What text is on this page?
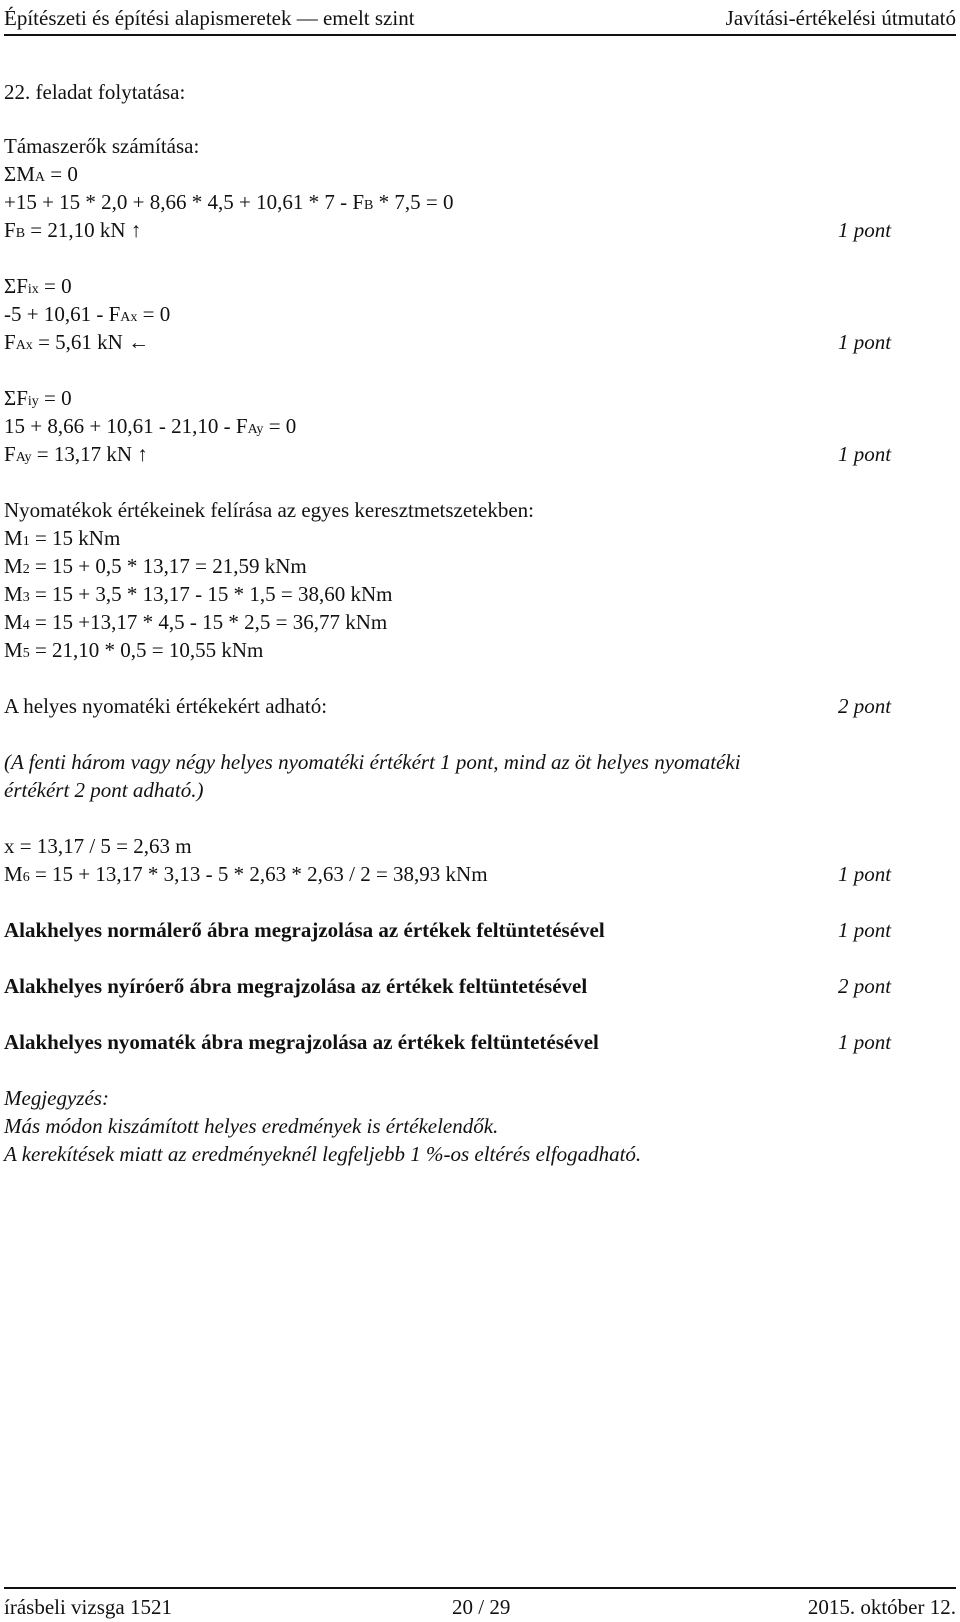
Építészeti és építési alapismeretek — emelt szint	Javítási-értékelési útmutató
22. feladat folytatása:
Támaszerők számítása:
ΣMA = 0
+15 + 15 * 2,0 + 8,66 * 4,5 + 10,61 * 7 - FB * 7,5 = 0
FB = 21,10 kN ↑	1 pont
ΣFix = 0
-5 + 10,61 - FAx = 0
FAx = 5,61 kN ←	1 pont
ΣFiy = 0
15 + 8,66 + 10,61 - 21,10 - FAy = 0
FAy = 13,17 kN ↑	1 pont
Nyomatékok értékeinek felírása az egyes keresztmetszetekben:
M1 = 15 kNm
M2 = 15 + 0,5 * 13,17 = 21,59 kNm
M3 = 15 + 3,5 * 13,17 - 15 * 1,5 = 38,60 kNm
M4 = 15 +13,17 * 4,5 - 15 * 2,5 = 36,77 kNm
M5 = 21,10 * 0,5 = 10,55 kNm
A helyes nyomatéki értékekért adható:	2 pont
(A fenti három vagy négy helyes nyomatéki értékért 1 pont, mind az öt helyes nyomatéki
értékért 2 pont adható.)
x = 13,17 / 5 = 2,63 m
M6 = 15 + 13,17 * 3,13 - 5 * 2,63 * 2,63 / 2 = 38,93 kNm	1 pont
Alakhelyes normálerő ábra megrajzolása az értékek feltüntetésével	1 pont
Alakhelyes nyíróerő ábra megrajzolása az értékek feltüntetésével	2 pont
Alakhelyes nyomaték ábra megrajzolása az értékek feltüntetésével	1 pont
Megjegyzés:
Más módon kiszámított helyes eredmények is értékelendők.
A kerekítések miatt az eredményeknél legfeljebb 1 %-os eltérés elfogadható.
írásbeli vizsga 1521	20 / 29	2015. október 12.
